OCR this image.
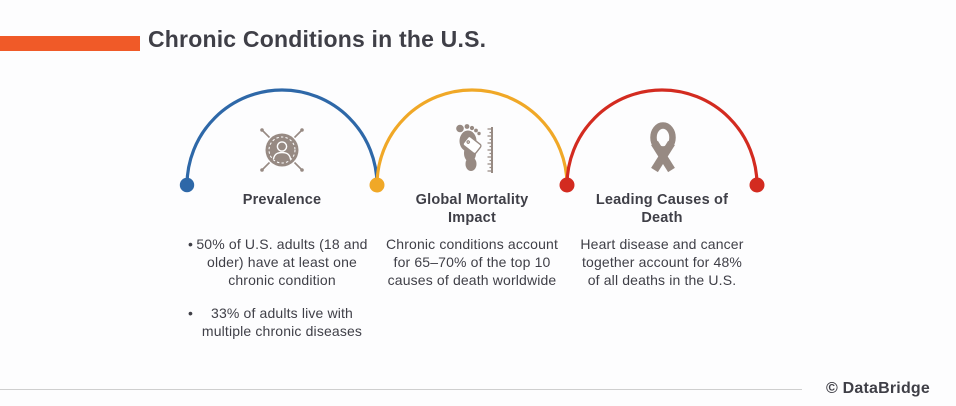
Chronic Conditions in the U.S.
Prevalence	Global Mortality Impact
Leading Causes of Death
• 50% of U.S. adults (18 and older) have at least one chronic condition
• 33% of adults live with multiple chronic diseases
Chronic conditions account for 65–70% of the top 10 causes of death worldwide
Heart disease and cancer together account for 48% of all deaths in the U.S.
© DataBridge
